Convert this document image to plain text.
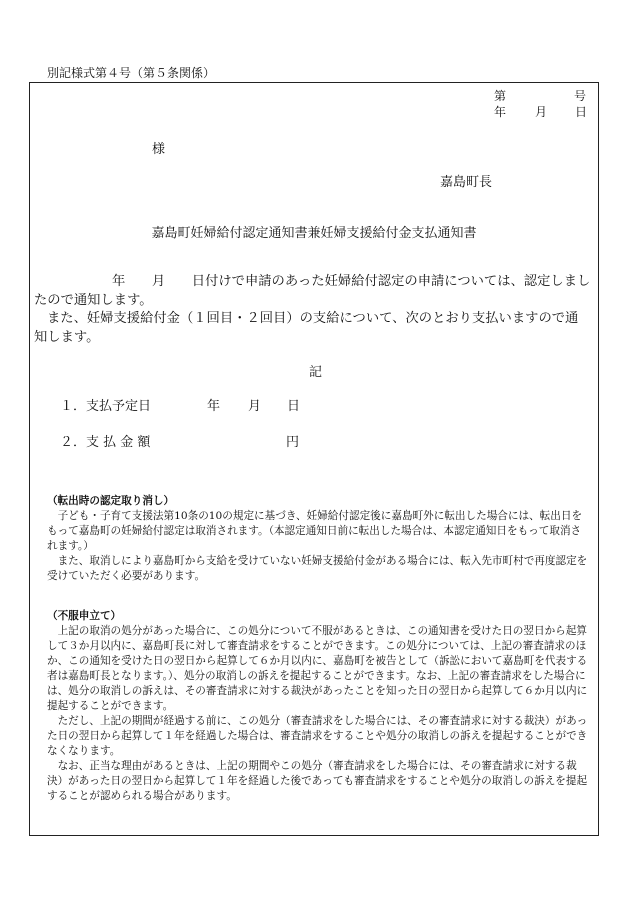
別記様式第４号（第５条関係）
第	号
年 月 日
様
嘉島町長
嘉島町妊婦給付認定通知書兼妊婦支援給付金支払通知書
年　　月　　日付けで申請のあった妊婦給付認定の申請については、認定しまし
たので通知します。
また、妊婦支援給付金（１回目・２回目）の支給について、次のとおり支払いますので通
知します。
記
１．支払予定日	年 月 日
２．支 払 金 額	円
（転出時の認定取り消し）
子ども・子育て支援法第10条の10の規定に基づき、妊婦給付認定後に嘉島町外に転出した場合には、転出日をもって嘉島町の妊婦給付認定は取消されます。（本認定通知日前に転出した場合は、本認定通知日をもって取消されます。）
また、取消しにより嘉島町から支給を受けていない妊婦支援給付金がある場合には、転入先市町村で再度認定を受けていただく必要があります。
（不服申立て）
上記の取消の処分があった場合に、この処分について不服があるときは、この通知書を受けた日の翌日から起算して３か月以内に、嘉島町長に対して審査請求をすることができます。この処分については、上記の審査請求のほか、この通知を受けた日の翌日から起算して６か月以内に、嘉島町を被告として（訴訟において嘉島町を代表する者は嘉島町長となります。）、処分の取消しの訴えを提起することができます。なお、上記の審査請求をした場合には、処分の取消しの訴えは、その審査請求に対する裁決があったことを知った日の翌日から起算して６か月以内に提起することができます。
ただし、上記の期間が経過する前に、この処分（審査請求をした場合には、その審査請求に対する裁決）があった日の翌日から起算して１年を経過した場合は、審査請求をすることや処分の取消しの訴えを提起することができなくなります。
なお、正当な理由があるときは、上記の期間やこの処分（審査請求をした場合には、その審査請求に対する裁決）があった日の翌日から起算して１年を経過した後であっても審査請求をすることや処分の取消しの訴えを提起することが認められる場合があります。
